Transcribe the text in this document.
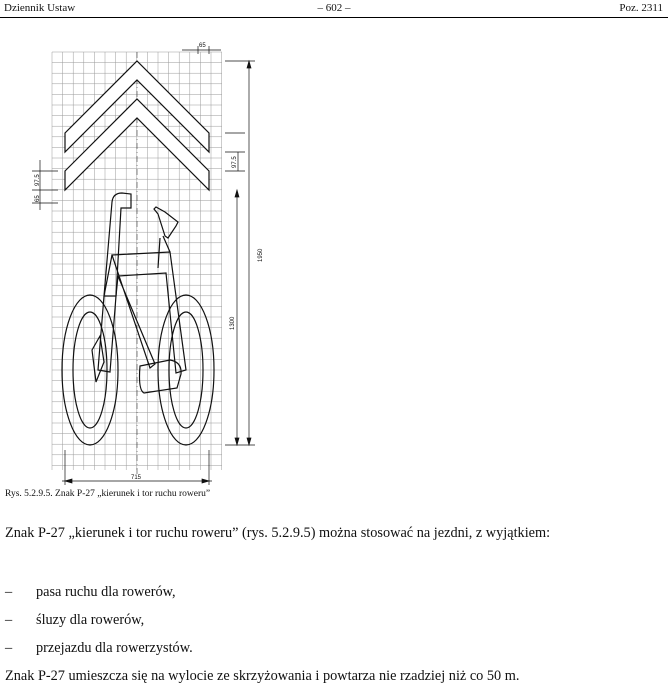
Dziennik Ustaw	– 602 –	Poz. 2311
65
97.5
97.5
65
1950
1300
715
Rys. 5.2.9.5. Znak P-27 „kierunek i tor ruchu roweru”
Znak P-27 „kierunek i tor ruchu roweru” (rys. 5.2.9.5) można stosować na jezdni, z wyjątkiem:
– pasa ruchu dla rowerów,
– śluzy dla rowerów,
– przejazdu dla rowerzystów.
Znak P-27 umieszcza się na wylocie ze skrzyżowania i powtarza nie rzadziej niż co 50 m.
